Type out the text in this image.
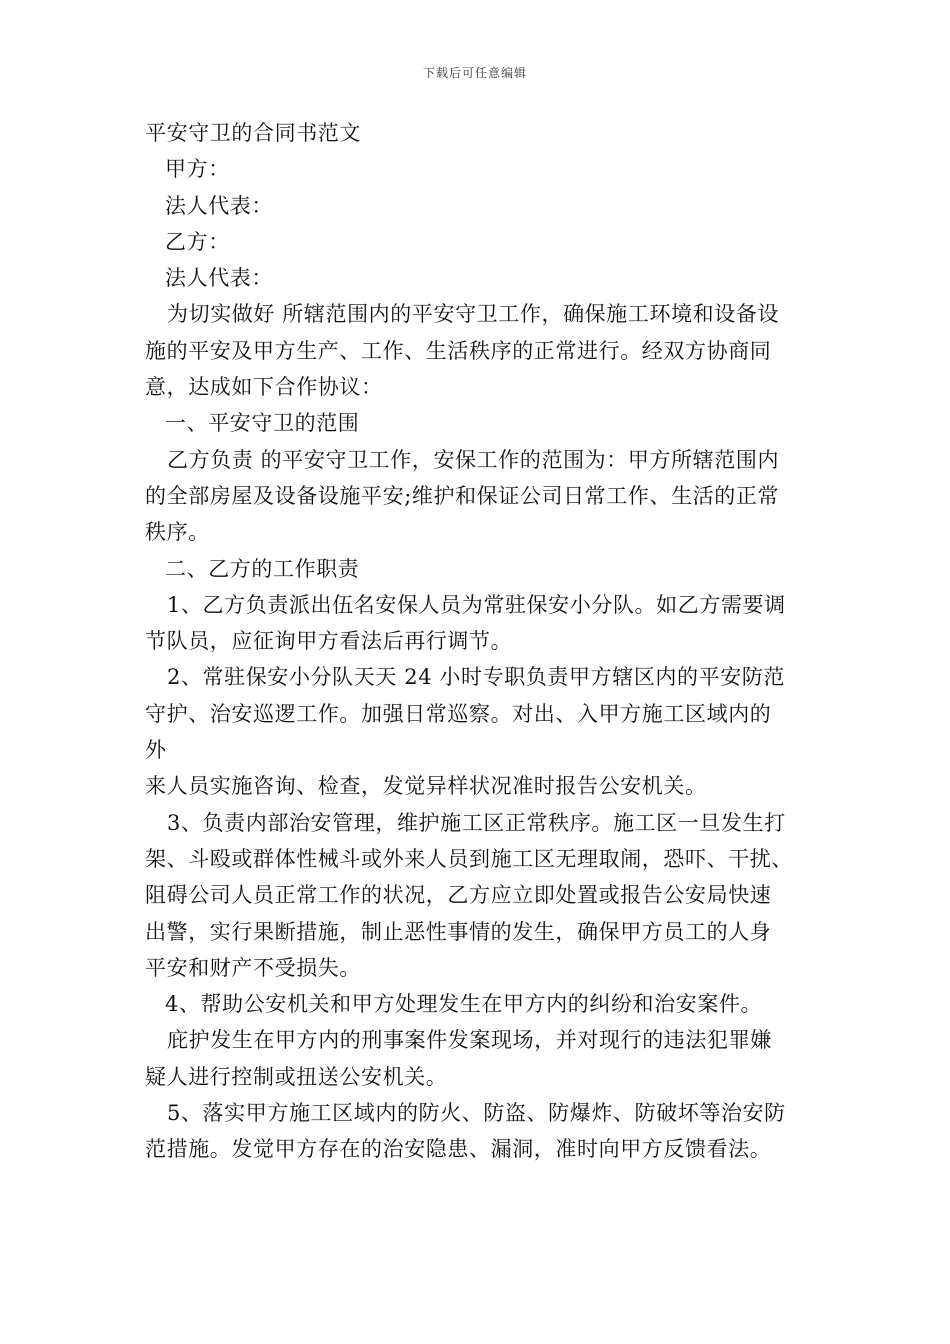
下载后可任意编辑
平安守卫的合同书范文
甲方：
法人代表：
乙方：
法人代表：
为切实做好 所辖范围内的平安守卫工作，确保施工环境和设备设
施的平安及甲方生产、工作、生活秩序的正常进行。经双方协商同
意，达成如下合作协议：
一、平安守卫的范围
乙方负责 的平安守卫工作，安保工作的范围为：甲方所辖范围内
的全部房屋及设备设施平安;维护和保证公司日常工作、生活的正常
秩序。
二、乙方的工作职责
1、乙方负责派出伍名安保人员为常驻保安小分队。如乙方需要调
节队员，应征询甲方看法后再行调节。
2、常驻保安小分队天天 24 小时专职负责甲方辖区内的平安防范
守护、治安巡逻工作。加强日常巡察。对出、入甲方施工区域内的
外
来人员实施咨询、检查，发觉异样状况准时报告公安机关。
3、负责内部治安管理，维护施工区正常秩序。施工区一旦发生打
架、斗殴或群体性械斗或外来人员到施工区无理取闹，恐吓、干扰、
阻碍公司人员正常工作的状况，乙方应立即处置或报告公安局快速
出警，实行果断措施，制止恶性事情的发生，确保甲方员工的人身
平安和财产不受损失。
4、帮助公安机关和甲方处理发生在甲方内的纠纷和治安案件。
庇护发生在甲方内的刑事案件发案现场，并对现行的违法犯罪嫌
疑人进行控制或扭送公安机关。
5、落实甲方施工区域内的防火、防盗、防爆炸、防破坏等治安防
范措施。发觉甲方存在的治安隐患、漏洞，准时向甲方反馈看法。
